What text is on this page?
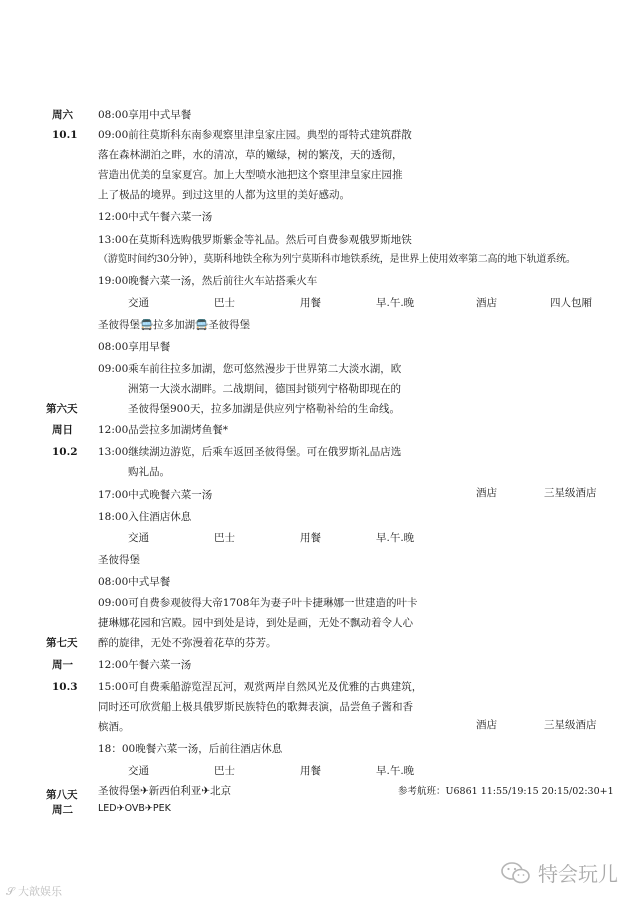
周六
10.1
08:00享用中式早餐
09:00前往莫斯科东南参观察里津皇家庄园。典型的哥特式建筑群散
落在森林湖泊之畔，水的清凉，草的嫩绿，树的繁茂，天的透彻，
营造出优美的皇家夏宫。加上大型喷水池把这个察里津皇家庄园推
上了极品的境界。到过这里的人都为这里的美好感动。
12:00中式午餐六菜一汤
13:00在莫斯科选购俄罗斯紫金等礼品。然后可自费参观俄罗斯地铁
（游览时间约30分钟），莫斯科地铁全称为列宁莫斯科市地铁系统，是世界上使用效率第二高的地下轨道系统。
19:00晚餐六菜一汤，然后前往火车站搭乘火车
交通	巴士	用餐	早.午.晚	酒店	四人包厢
圣彼得堡🚍拉多加湖🚍圣彼得堡
08:00享用早餐
09:00乘车前往拉多加湖，您可悠然漫步于世界第二大淡水湖，欧
洲第一大淡水湖畔。二战期间，德国封锁列宁格勒即现在的
圣彼得堡900天，拉多加湖是供应列宁格勒补给的生命线。
第六天
周日
10.2
12:00品尝拉多加湖烤鱼餐*
13:00继续湖边游览，后乘车返回圣彼得堡。可在俄罗斯礼品店选
购礼品。
17:00中式晚餐六菜一汤	酒店	三星级酒店
18:00入住酒店休息
交通	巴士	用餐	早.午.晚
圣彼得堡
08:00中式早餐
09:00可自费参观彼得大帝1708年为妻子叶卡捷琳娜一世建造的叶卡
捷琳娜花园和宫殿。园中到处是诗，到处是画，无处不飘动着令人心
醉的旋律，无处不弥漫着花草的芬芳。
第七天
周一
10.3
12:00午餐六菜一汤
15:00可自费乘船游览涅瓦河，观赏两岸自然风光及优雅的古典建筑，
同时还可欣赏船上极具俄罗斯民族特色的歌舞表演，品尝鱼子酱和香
槟酒。	酒店	三星级酒店
18：00晚餐六菜一汤，后前往酒店休息
交通	巴士	用餐	早.午.晚
第八天
周二
圣彼得堡✈新西伯利亚✈北京	参考航班：U6861 11:55/19:15 20:15/02:30+1
LED✈OVB✈PEK
𝒮 大歆娱乐
特会玩儿
